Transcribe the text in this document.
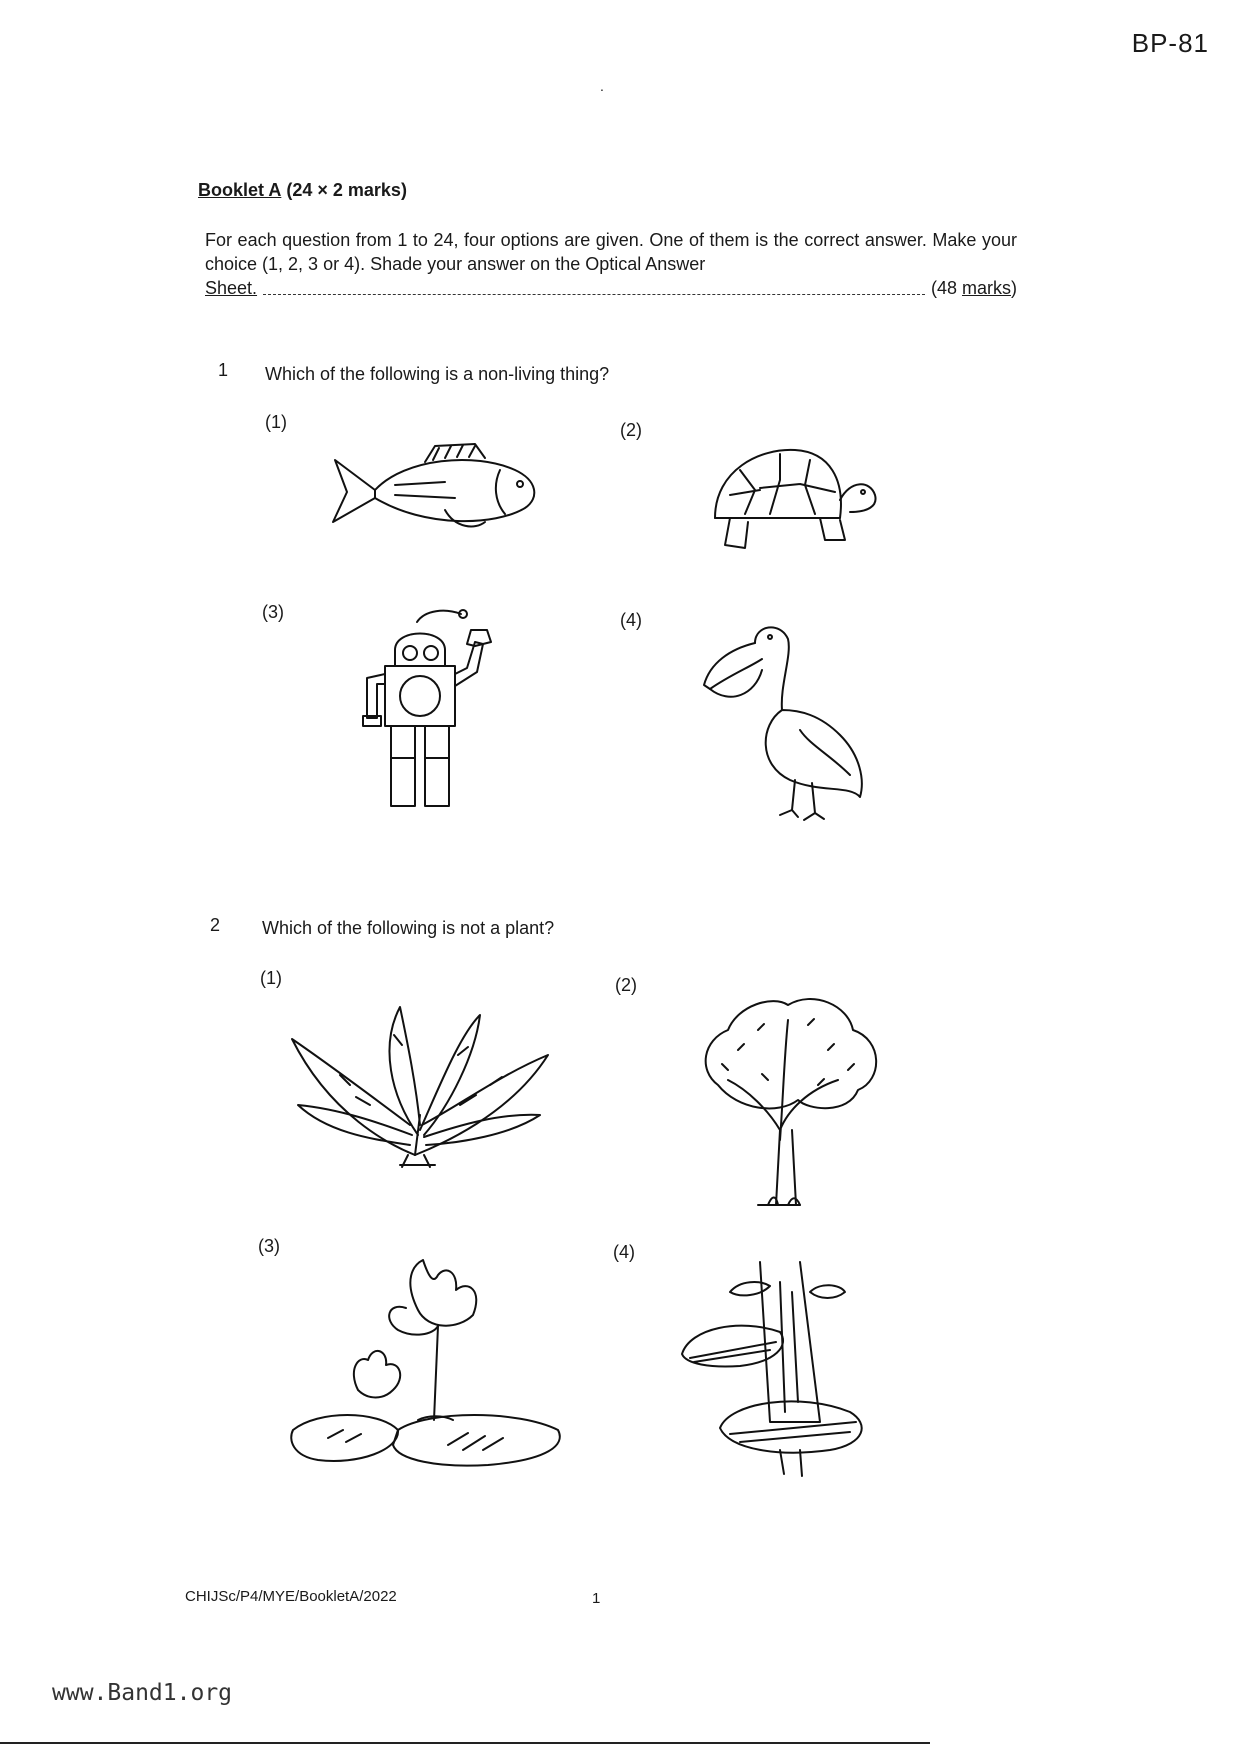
BP-81
.
Booklet A (24 × 2 marks)
For each question from 1 to 24, four options are given. One of them is the correct answer. Make your choice (1, 2, 3 or 4). Shade your answer on the Optical Answer
Sheet.	(48 marks)
1 Which of the following is a non-living thing?
(1)	(2)
(3)	(4)
2 Which of the following is not a plant?
(1)	(2)
(3)	(4)
CHIJSc/P4/MYE/BookletA/2022	1
www.Band1.org
